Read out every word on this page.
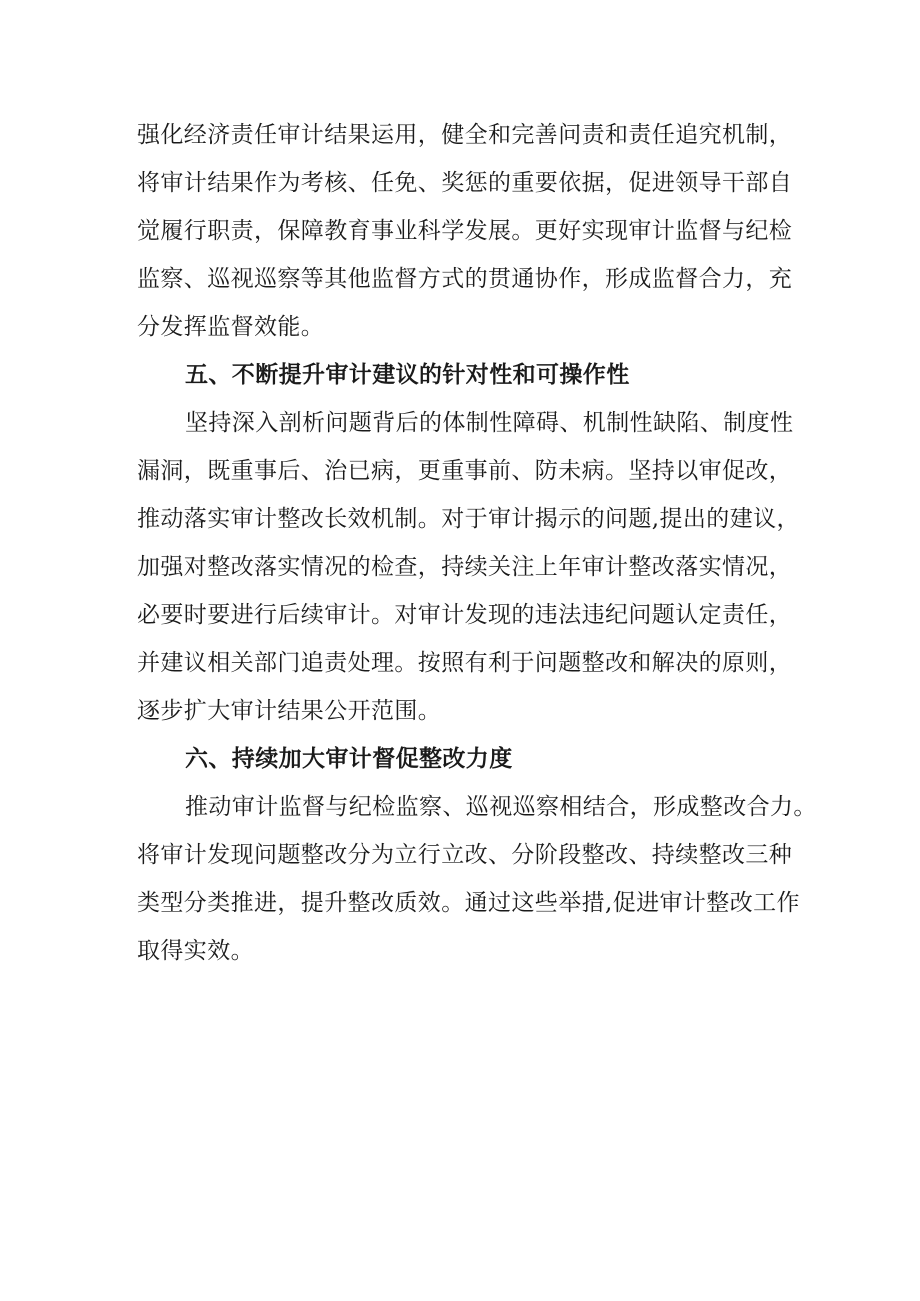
强化经济责任审计结果运用，健全和完善问责和责任追究机制，
将审计结果作为考核、任免、奖惩的重要依据，促进领导干部自
觉履行职责，保障教育事业科学发展。更好实现审计监督与纪检
监察、巡视巡察等其他监督方式的贯通协作，形成监督合力，充
分发挥监督效能。
五、不断提升审计建议的针对性和可操作性
坚持深入剖析问题背后的体制性障碍、机制性缺陷、制度性
漏洞，既重事后、治已病，更重事前、防未病。坚持以审促改，
推动落实审计整改长效机制。对于审计揭示的问题,提出的建议，
加强对整改落实情况的检查，持续关注上年审计整改落实情况，
必要时要进行后续审计。对审计发现的违法违纪问题认定责任，
并建议相关部门追责处理。按照有利于问题整改和解决的原则，
逐步扩大审计结果公开范围。
六、持续加大审计督促整改力度
推动审计监督与纪检监察、巡视巡察相结合，形成整改合力。
将审计发现问题整改分为立行立改、分阶段整改、持续整改三种
类型分类推进，提升整改质效。通过这些举措,促进审计整改工作
取得实效。
